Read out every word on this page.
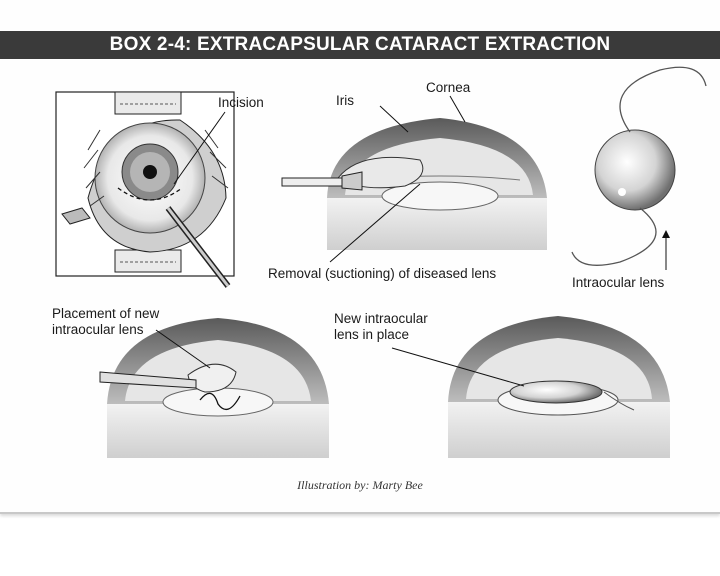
BOX 2-4: EXTRACAPSULAR CATARACT EXTRACTION
Incision	Iris
Cornea
Removal (suctioning) of diseased lens
Intraocular lens
Placement of new
intraocular lens
New intraocular
lens in place
Illustration by: Marty Bee
